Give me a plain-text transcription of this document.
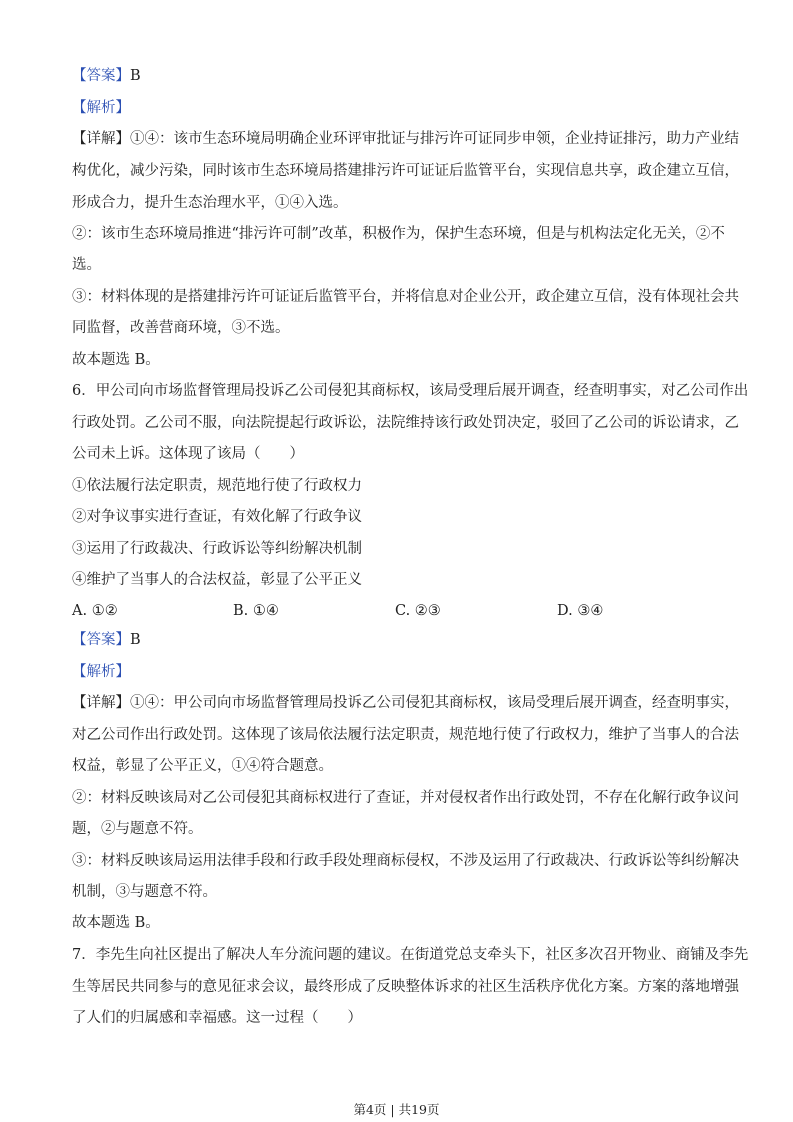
【答案】B
【解析】
【详解】①④：该市生态环境局明确企业环评审批证与排污许可证同步申领，企业持证排污，助力产业结
构优化，减少污染，同时该市生态环境局搭建排污许可证证后监管平台，实现信息共享，政企建立互信，
形成合力，提升生态治理水平，①④入选。
②：该市生态环境局推进“排污许可制”改革，积极作为，保护生态环境，但是与机构法定化无关，②不
选。
③：材料体现的是搭建排污许可证证后监管平台，并将信息对企业公开，政企建立互信，没有体现社会共
同监督，改善营商环境，③不选。
故本题选 B。
6．甲公司向市场监督管理局投诉乙公司侵犯其商标权，该局受理后展开调查，经查明事实，对乙公司作出
行政处罚。乙公司不服，向法院提起行政诉讼，法院维持该行政处罚决定，驳回了乙公司的诉讼请求，乙
公司未上诉。这体现了该局（　　）
①依法履行法定职责，规范地行使了行政权力
②对争议事实进行查证，有效化解了行政争议
③运用了行政裁决、行政诉讼等纠纷解决机制
④维护了当事人的合法权益，彰显了公平正义
A. ①②	B. ①④	C. ②③	D. ③④
【答案】B
【解析】
【详解】①④：甲公司向市场监督管理局投诉乙公司侵犯其商标权，该局受理后展开调查，经查明事实，
对乙公司作出行政处罚。这体现了该局依法履行法定职责，规范地行使了行政权力，维护了当事人的合法
权益，彰显了公平正义，①④符合题意。
②：材料反映该局对乙公司侵犯其商标权进行了查证，并对侵权者作出行政处罚，不存在化解行政争议问
题，②与题意不符。
③：材料反映该局运用法律手段和行政手段处理商标侵权，不涉及运用了行政裁决、行政诉讼等纠纷解决
机制，③与题意不符。
故本题选 B。
7．李先生向社区提出了解决人车分流问题的建议。在街道党总支牵头下，社区多次召开物业、商铺及李先
生等居民共同参与的意见征求会议，最终形成了反映整体诉求的社区生活秩序优化方案。方案的落地增强
了人们的归属感和幸福感。这一过程（　　）
第4页 | 共19页
